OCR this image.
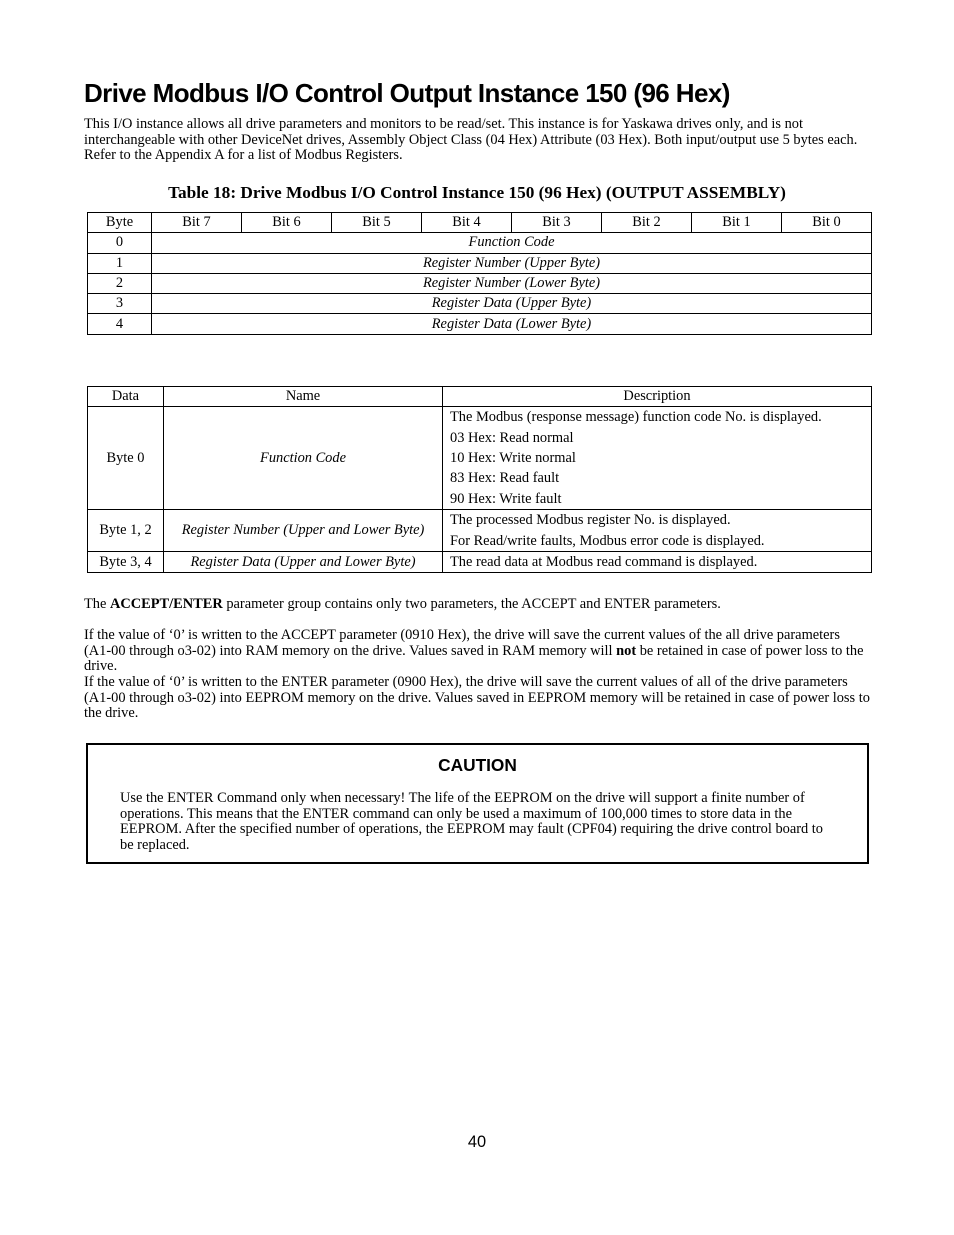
Drive Modbus I/O Control Output Instance 150 (96 Hex)

This I/O instance allows all drive parameters and monitors to be read/set. This instance is for Yaskawa drives only, and is not interchangeable with other DeviceNet drives, Assembly Object Class (04 Hex) Attribute (03 Hex). Both input/output use 5 bytes each. Refer to the Appendix A for a list of Modbus Registers.

Table 18: Drive Modbus I/O Control Instance 150 (96 Hex) (OUTPUT ASSEMBLY)

Byte	Bit 7	Bit 6	Bit 5	Bit 4	Bit 3	Bit 2	Bit 1	Bit 0
0	Function Code							
1	Register Number (Upper Byte)							
2	Register Number (Lower Byte)							
3	Register Data (Upper Byte)							
4	Register Data (Lower Byte)							
Data	Name	Description
Byte 0	Function Code	The Modbus (response message) function code No. is displayed.
03 Hex: Read normal
10 Hex: Write normal
83 Hex: Read fault
90 Hex: Write fault

Byte 1, 2	Register Number (Upper and Lower Byte)	The processed Modbus register No. is displayed.
For Read/write faults, Modbus error code is displayed.

Byte 3, 4	Register Data (Upper and Lower Byte)	The read data at Modbus read command is displayed.

The ACCEPT/ENTER parameter group contains only two parameters, the ACCEPT and ENTER parameters.

If the value of ‘0’ is written to the ACCEPT parameter (0910 Hex), the drive will save the current values of the all drive parameters (A1-00 through o3-02) into RAM memory on the drive. Values saved in RAM memory will not be retained in case of power loss to the drive.

If the value of ‘0’ is written to the ENTER parameter (0900 Hex), the drive will save the current values of all of the drive parameters (A1-00 through o3-02) into EEPROM memory on the drive. Values saved in EEPROM memory will be retained in case of power loss to the drive.

CAUTION
Use the ENTER Command only when necessary! The life of the EEPROM on the drive will support a finite number of operations. This means that the ENTER command can only be used a maximum of 100,000 times to store data in the EEPROM. After the specified number of operations, the EEPROM may fault (CPF04) requiring the drive control board to be replaced.
40
